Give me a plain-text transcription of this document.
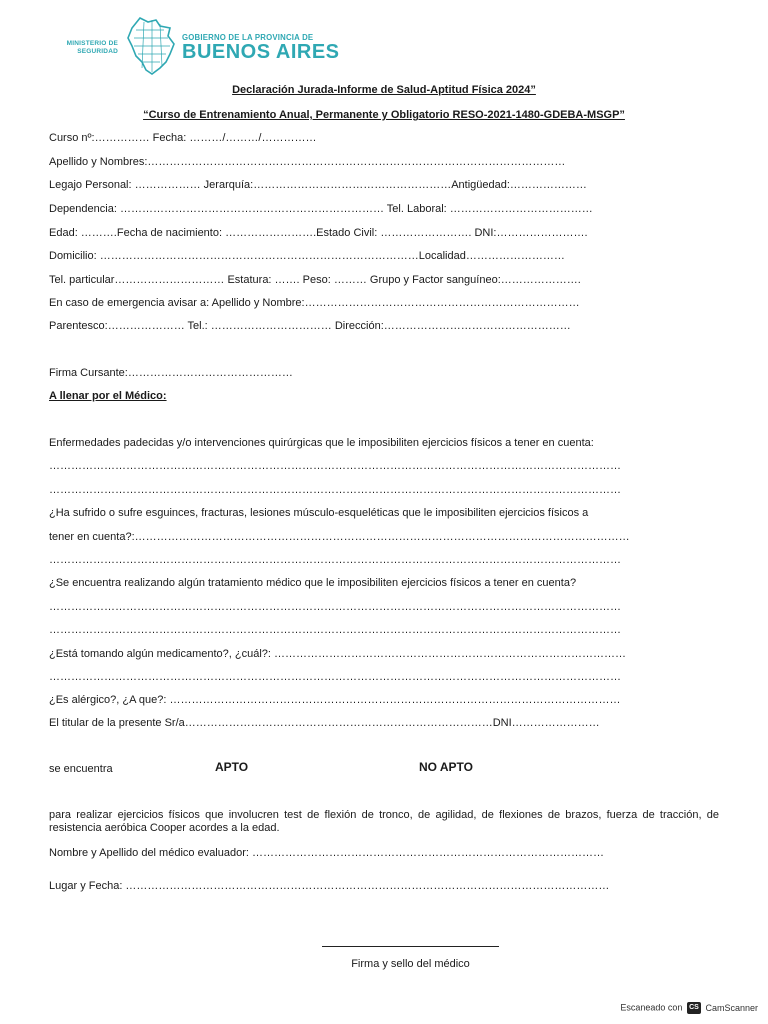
MINISTERIO DE SEGURIDAD
GOBIERNO DE LA PROVINCIA DE
BUENOS AIRES
Declaración Jurada-Informe de Salud-Aptitud Física 2024”
“Curso de Entrenamiento Anual, Permanente y Obligatorio RESO-2021-1480-GDEBA-MSGP”
Curso nº:…………… Fecha: ………/………/……………
Apellido y Nombres:……………………………………………………………………………………………………
Legajo Personal: ……………… Jerarquía:………………………………………………Antigüedad:…………………
Dependencia: ……………………………………………………………… Tel. Laboral: …………………………………
Edad: ……….Fecha de nacimiento: …………………….Estado Civil: ……………………. DNI:…………………….
Domicilio: ……………………………………………………………………………Localidad………………………
Tel. particular………………………… Estatura: ……. Peso: ……… Grupo y Factor sanguíneo:………………….
En caso de emergencia avisar a: Apellido y Nombre:…………………………………………………………………
Parentesco:………………… Tel.: …………………………… Dirección:……………………………………………
Firma Cursante:………………………………………
A llenar por el Médico:
Enfermedades padecidas y/o intervenciones quirúrgicas que le imposibiliten ejercicios físicos a tener en cuenta:
…………………………………………………………………………………………………………………………………………
…………………………………………………………………………………………………………………………………………
¿Ha sufrido o sufre esguinces, fracturas, lesiones músculo-esqueléticas que le imposibiliten ejercicios físicos a
tener en cuenta?:………………………………………………………………………………………………………………………
…………………………………………………………………………………………………………………………………………
¿Se encuentra realizando algún tratamiento médico que le imposibiliten ejercicios físicos a tener en cuenta?
…………………………………………………………………………………………………………………………………………
…………………………………………………………………………………………………………………………………………
¿Está tomando algún medicamento?, ¿cuál?: ……………………………………………………………………………………
…………………………………………………………………………………………………………………………………………
¿Es alérgico?, ¿A que?: ……………………………………………………………………………………………………………
El titular de la presente Sr/a…………………………………………………………………………DNI……………………
se encuentra	APTO	NO APTO
para realizar ejercicios físicos que involucren test de flexión de tronco, de agilidad, de flexiones de brazos, fuerza de tracción, de resistencia aeróbica Cooper acordes a la edad.
Nombre y Apellido del médico evaluador: ……………………………………………………………………………………
Lugar y Fecha: ……………………………………………………………………………………………………………………
Firma y sello del médico
Escaneado con CS CamScanner
